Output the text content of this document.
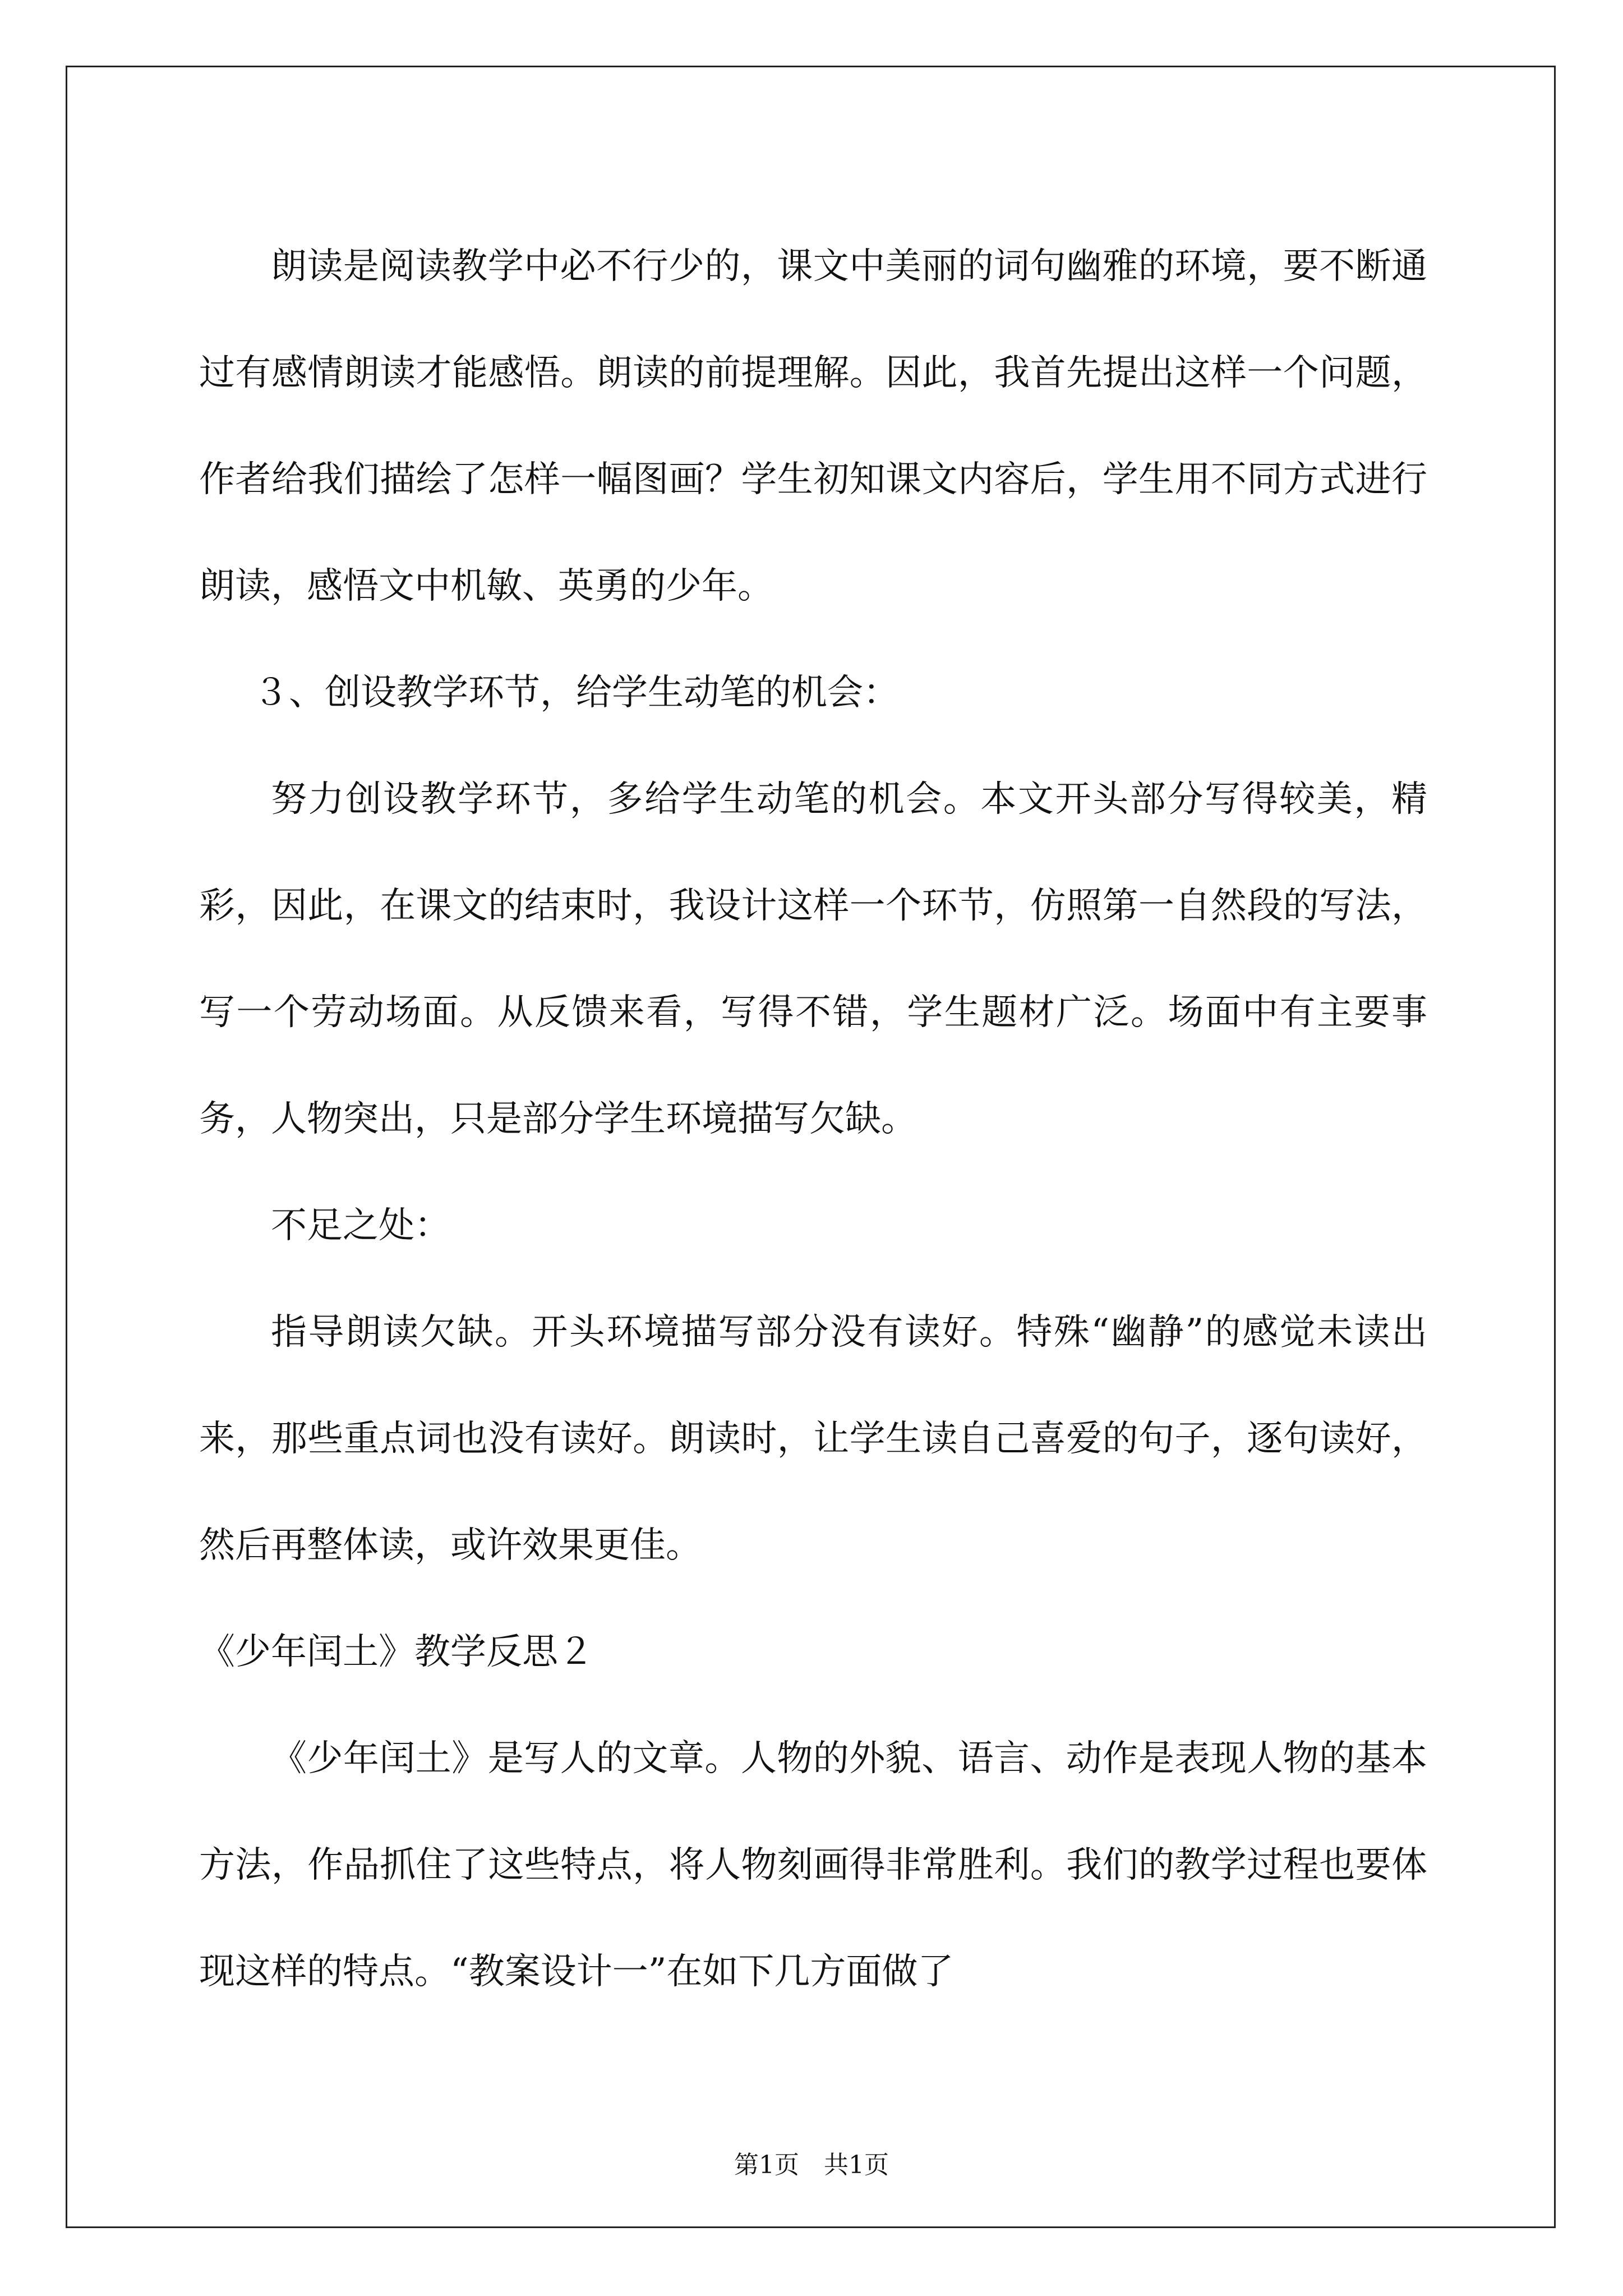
朗读是阅读教学中必不行少的，课文中美丽的词句幽雅的环境，要不断通过有感情朗读才能感悟。朗读的前提理解。因此，我首先提出这样一个问题，作者给我们描绘了怎样一幅图画？学生初知课文内容后，学生用不同方式进行朗读，感悟文中机敏、英勇的少年。

３、创设教学环节，给学生动笔的机会：

努力创设教学环节，多给学生动笔的机会。本文开头部分写得较美，精彩，因此，在课文的结束时，我设计这样一个环节，仿照第一自然段的写法，写一个劳动场面。从反馈来看，写得不错，学生题材广泛。场面中有主要事务，人物突出，只是部分学生环境描写欠缺。

不足之处：

指导朗读欠缺。开头环境描写部分没有读好。特殊“幽静”的感觉未读出来，那些重点词也没有读好。朗读时，让学生读自己喜爱的句子，逐句读好，然后再整体读，或许效果更佳。

《少年闰土》教学反思２

《少年闰土》是写人的文章。人物的外貌、语言、动作是表现人物的基本方法，作品抓住了这些特点，将人物刻画得非常胜利。我们的教学过程也要体现这样的特点。“教案设计一”在如下几方面做了

第1页　共1页
